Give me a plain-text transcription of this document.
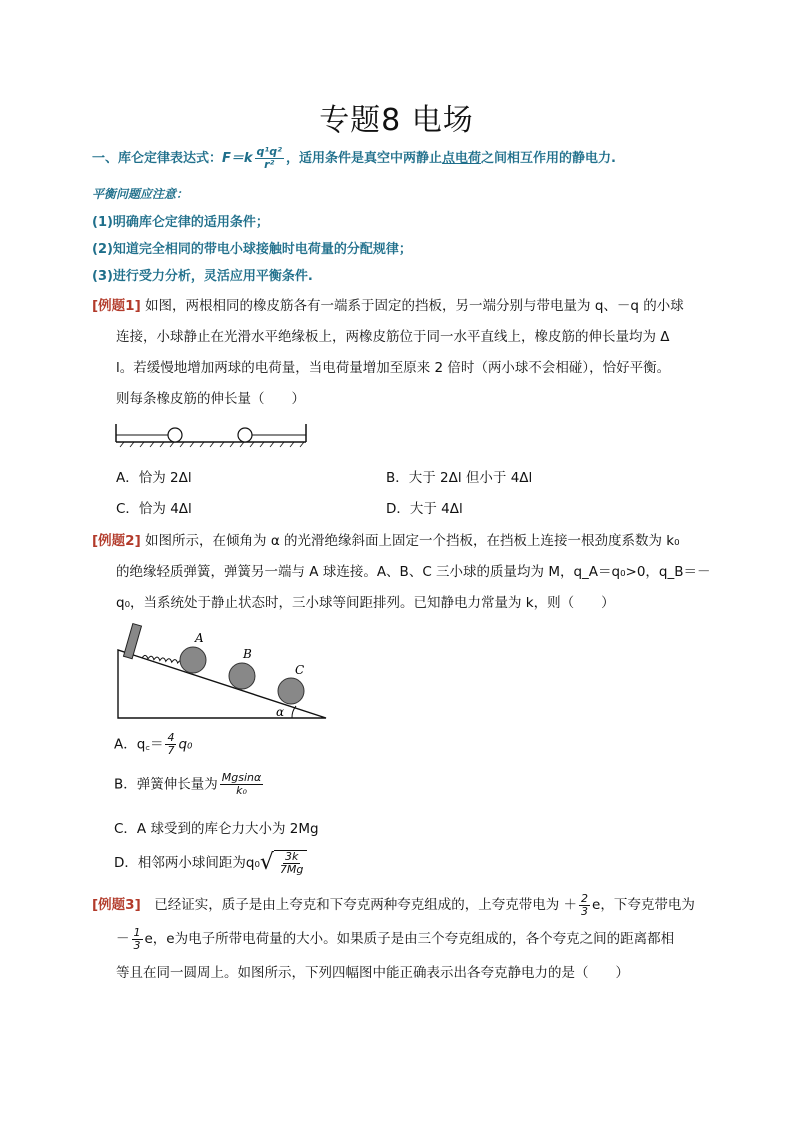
专题8 电场
一、库仑定律表达式：$F=k \frac{\text{q¹q²}}{\text{r²}}$ ，适用条件是真空中两静止点电荷之间相互作用的静电力.
平衡问题应注意：
(1)明确库仑定律的适用条件；
(2)知道完全相同的带电小球接触时电荷量的分配规律；
(3)进行受力分析，灵活应用平衡条件.
[例题1] 如图，两根相同的橡皮筋各有一端系于固定的挡板，另一端分别与带电量为 q、－q 的小球
连接，小球静止在光滑水平绝缘板上，两橡皮筋位于同一水平直线上，橡皮筋的伸长量均为 Δ
l。若缓慢地增加两球的电荷量，当电荷量增加至原来 2 倍时（两小球不会相碰），恰好平衡。
则每条橡皮筋的伸长量（　　）
A．恰为 2Δl	B．大于 2Δl 但小于 4Δl
C．恰为 4Δl	D．大于 4Δl
[例题2] 如图所示，在倾角为 α 的光滑绝缘斜面上固定一个挡板，在挡板上连接一根劲度系数为 k₀
的绝缘轻质弹簧，弹簧另一端与 A 球连接。A、B、C 三小球的质量均为 M，q_A＝q₀>0，q_B＝－
q₀，当系统处于静止状态时，三小球等间距排列。已知静电力常量为 k，则（　　）
A
B
C
α
A．q꜀＝ $\frac{4}{7} q_0$
B．弹簧伸长量为 $\frac{Mgsin\alpha}{\text{k₀}}$
C．A 球受到的库仑力大小为 2Mg
D．相邻两小球间距为q₀ √ $\frac{3k}{7Mg}$
[例题3]　 已经证实，质子是由上夸克和下夸克两种夸克组成的，上夸克带电为 ＋ $\frac{2}{3}$ e，下夸克带电为
－ $\frac{1}{3}$ e，e为电子所带电荷量的大小。如果质子是由三个夸克组成的，各个夸克之间的距离都相
等且在同一圆周上。如图所示，下列四幅图中能正确表示出各夸克静电力的是（　　）
